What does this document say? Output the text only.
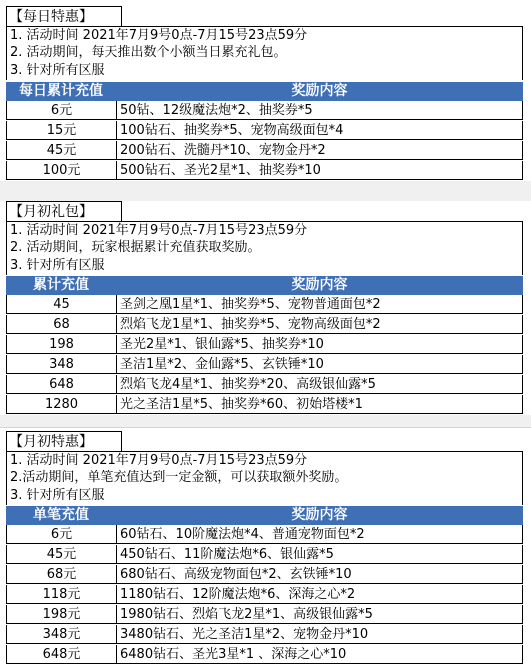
【每日特惠】
1. 活动时间 2021年7月9号0点-7月15号23点59分
2. 活动期间，每天推出数个小额当日累充礼包。
3. 针对所有区服
每日累计充值	奖励内容
6元	50钻、12级魔法炮*2、抽奖券*5
15元	100钻石、抽奖券*5、宠物高级面包*4
45元	200钻石、洗髓丹*10、宠物金丹*2
100元	500钻石、圣光2星*1、抽奖券*10
【月初礼包】
1. 活动时间 2021年7月9号0点-7月15号23点59分
2. 活动期间，玩家根据累计充值获取奖励。
3. 针对所有区服
累计充值	奖励内容
45	圣剑之凰1星*1、抽奖券*5、宠物普通面包*2
68	烈焰飞龙1星*1、抽奖券*5、宠物高级面包*2
198	圣光2星*1、银仙露*5、抽奖券*10
348	圣洁1星*2、金仙露*5、玄铁锤*10
648	烈焰飞龙4星*1、抽奖券*20、高级银仙露*5
1280	光之圣洁1星*5、抽奖券*60、初始塔楼*1
【月初特惠】
1. 活动时间 2021年7月9号0点-7月15号23点59分
2.活动期间，单笔充值达到一定金额，可以获取额外奖励。
3. 针对所有区服
单笔充值	奖励内容
6元	60钻石、10阶魔法炮*4、普通宠物面包*2
45元	450钻石、11阶魔法炮*6、银仙露*5
68元	680钻石、高级宠物面包*2、玄铁锤*10
118元	1180钻石、12阶魔法炮*6、深海之心*2
198元	1980钻石、烈焰飞龙2星*1、高级银仙露*5
348元	3480钻石、光之圣洁1星*2、宠物金丹*10
648元	6480钻石、圣光3星*1 、深海之心*10
